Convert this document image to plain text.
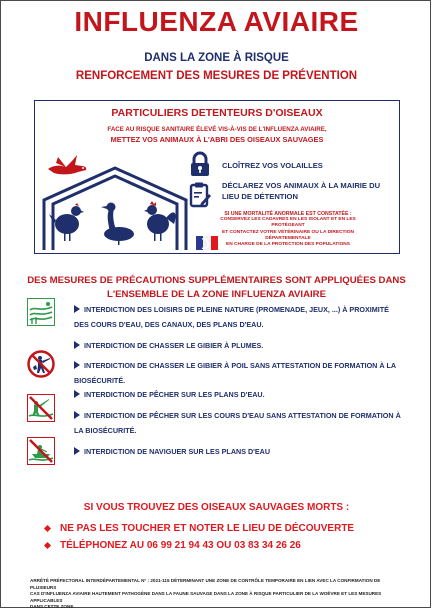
INFLUENZA AVIAIRE
DANS LA ZONE À RISQUE
RENFORCEMENT DES MESURES DE PRÉVENTION
PARTICULIERS DETENTEURS D'OISEAUX
FACE AU RISQUE SANITAIRE ÉLEVÉ VIS-À-VIS DE L'INFLUENZA AVIAIRE,
METTEZ VOS ANIMAUX À L'ABRI DES OISEAUX SAUVAGES
CLOÎTREZ VOS VOLAILLES
DÉCLAREZ VOS ANIMAUX À LA MAIRIE DU
LIEU DE DÉTENTION
SI UNE MORTALITÉ ANORMALE EST CONSTATÉE :
CONSERVEZ LES CADAVRES EN LES ISOLANT ET EN LES PROTÉGEANT
ET CONTACTEZ VOTRE VÉTÉRINAIRE OU LA DIRECTION DÉPARTEMENTALE
EN CHARGE DE LA PROTECTION DES POPULATIONS
DES MESURES DE PRÉCAUTIONS SUPPLÉMENTAIRES SONT APPLIQUÉES DANS
L'ENSEMBLE DE LA ZONE INFLUENZA AVIAIRE
INTERDICTION DES LOISIRS DE PLEINE NATURE (PROMENADE, JEUX, ...) À PROXIMITÉ
DES COURS D'EAU, DES CANAUX, DES PLANS D'EAU.
INTERDICTION DE CHASSER LE GIBIER À PLUMES.
INTERDICTION DE CHASSER LE GIBIER À POIL SANS ATTESTATION DE FORMATION À LA
BIOSÉCURITÉ.
INTERDICTION DE PÊCHER SUR LES PLANS D'EAU.
INTERDICTION DE PÊCHER SUR LES COURS D'EAU SANS ATTESTATION DE FORMATION À
LA BIOSÉCURITÉ.
INTERDICTION DE NAVIGUER SUR LES PLANS D'EAU
SI VOUS TROUVEZ DES OISEAUX SAUVAGES MORTS :
NE PAS LES TOUCHER ET NOTER LE LIEU DE DÉCOUVERTE
TÉLÉPHONEZ AU 06 99 21 94 43 OU 03 83 34 26 26
ARRÊTÉ PRÉFECTORAL INTERDÉPARTEMENTAL N° : 2021-115 DÉTERMINANT UNE ZONE DE CONTRÔLE TEMPORAIRE EN LIEN AVEC LA CONFIRMATION DE PLUSIEURS
CAS D'INFLUENZA AVIAIRE HAUTEMENT PATHOGÈNE DANS LA FAUNE SAUVAGE DANS LA ZONE À RISQUE PARTICULIER DE LA WOËVRE ET LES MESURES APPLICABLES
DANS CETTE ZONE
